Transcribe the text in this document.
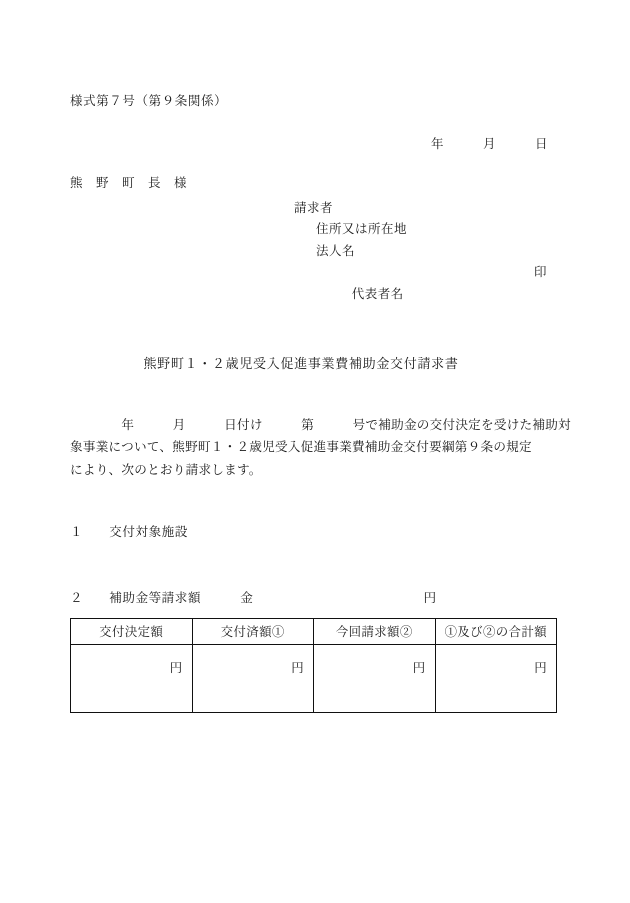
様式第７号（第９条関係）
年　　　月　　　日
熊　野　町　長　様
請求者
住所又は所在地
法人名

代表者名
印

熊野町１・２歳児受入促進事業費補助金交付請求書
　　　　年　　　月　　　日付け　　　第　　　号で補助金の交付決定を受けた補助対
象事業について、熊野町１・２歳児受入促進事業費補助金交付要綱第９条の規定
により、次のとおり請求します。
１　　交付対象施設
２　　補助金等請求額　　　金　　　　　　　　　　　　　円
交付決定額	交付済額①	今回請求額②	①及び②の合計額
円	円	円	円
